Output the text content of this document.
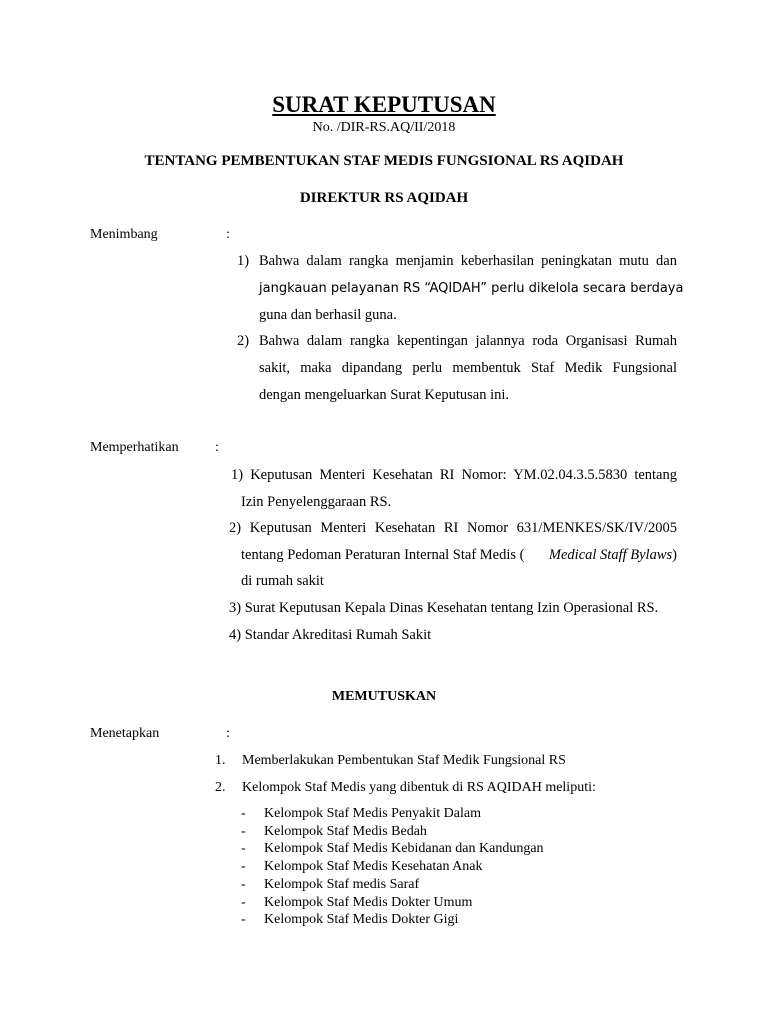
SURAT KEPUTUSAN
No. /DIR-RS.AQ/II/2018
TENTANG PEMBENTUKAN STAF MEDIS FUNGSIONAL RS AQIDAH
DIREKTUR RS AQIDAH
Menimbang	:
1) Bahwa dalam rangka menjamin keberhasilan peningkatan mutu dan
jangkauan pelayanan RS “AQIDAH” perlu dikelola secara berdaya
guna dan berhasil guna.
2) Bahwa dalam rangka kepentingan jalannya roda Organisasi Rumah
sakit, maka dipandang perlu membentuk Staf Medik Fungsional
dengan mengeluarkan Surat Keputusan ini.
Memperhatikan	:
1) Keputusan Menteri Kesehatan RI Nomor: YM.02.04.3.5.5830 tentang
Izin Penyelenggaraan RS.
2) Keputusan Menteri Kesehatan RI Nomor 631/MENKES/SK/IV/2005
tentang Pedoman Peraturan Internal Staf Medis ( Medical Staff Bylaws)
di rumah sakit
3) Surat Keputusan Kepala Dinas Kesehatan tentang Izin Operasional RS.
4) Standar Akreditasi Rumah Sakit
MEMUTUSKAN
Menetapkan	:
1. Memberlakukan Pembentukan Staf Medik Fungsional RS
2. Kelompok Staf Medis yang dibentuk di RS AQIDAH meliputi:
- Kelompok Staf Medis Penyakit Dalam
- Kelompok Staf Medis Bedah
- Kelompok Staf Medis Kebidanan dan Kandungan
- Kelompok Staf Medis Kesehatan Anak
- Kelompok Staf medis Saraf
- Kelompok Staf Medis Dokter Umum
- Kelompok Staf Medis Dokter Gigi
